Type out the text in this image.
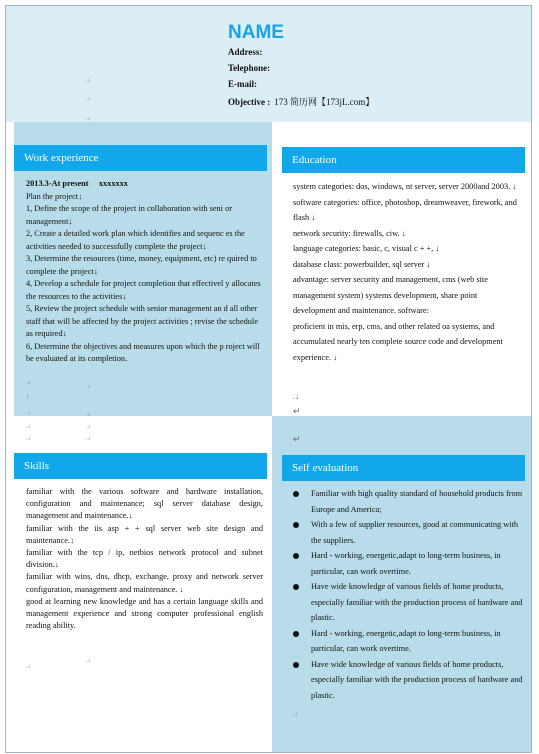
NAME
Address:
Telephone:
E-mail:
Objective : 173 简历网【173jL.com】
.↓
.↓
.↓
Work experience	Education
Skills	Self evaluation

2013.3-At present xxxxxxx

Plan the project↓

1, Define the scope of the project in collaboration with seni or management↓

2, Create a detailed work plan which identifies and sequenc es the activities needed to successfully complete the project↓

3, Determine the resources (time, money, equipment, etc) re quired to complete the project↓

4, Develop a schedule for project completion that effectivel y allocates the resources to the activities↓

5, Review the project schedule with senior management an d all other staff that will be affected by the project activities ; revise the schedule as required↓

6, Determine the objectives and measures upon which the p roject will be evaluated at its completion.

.↓
.↓
↓
.↓	.↓
.↓	.↓
.↓	.↓

system categories: dos, windows, nt server, server 2000and 2003. ↓

software categories: office, photoshop, dreamweaver, firework, and flash ↓

network security: firewalls, ciw. ↓

language categories: basic, c, visual c + +, ↓

database class: powerbuilder, sql server ↓

advantage: server security and management, cms (web site management system) systems development, share point development and maintenance. software:

proficient in mis, erp, cms, and other related oa systems, and accumulated nearly ten complete source code and development experience. ↓

.↓
↵
↵

familiar with the various software and hardware installation, configuration and maintenance; sql server database design, management and maintenance.↓

familiar with the iis asp + + sql server web site design and maintenance.↓

familiar with the tcp / ip, netbios network protocol and subnet division.↓

familiar with wins, dns, dhcp, exchange, proxy and network server configuration, management and maintenance. ↓

good at learning new knowledge and has a certain language skills and management experience and strong computer professional english reading ability.

.↓
.↓
Familiar with high quality standard of household products from Europe and America;
With a few of supplier resources, good at communicating with the suppliers.
Hard - working, energetic,adapt to long-term business, in particular, can work overtime.
Have wide knowledge of various fields of home products, especially familiar with the production process of hardware and plastic.
Hard - working, energetic,adapt to long-term business, in particular, can work overtime.
Have wide knowledge of various fields of home products, especially familiar with the production process of hardware and plastic.
.↓
